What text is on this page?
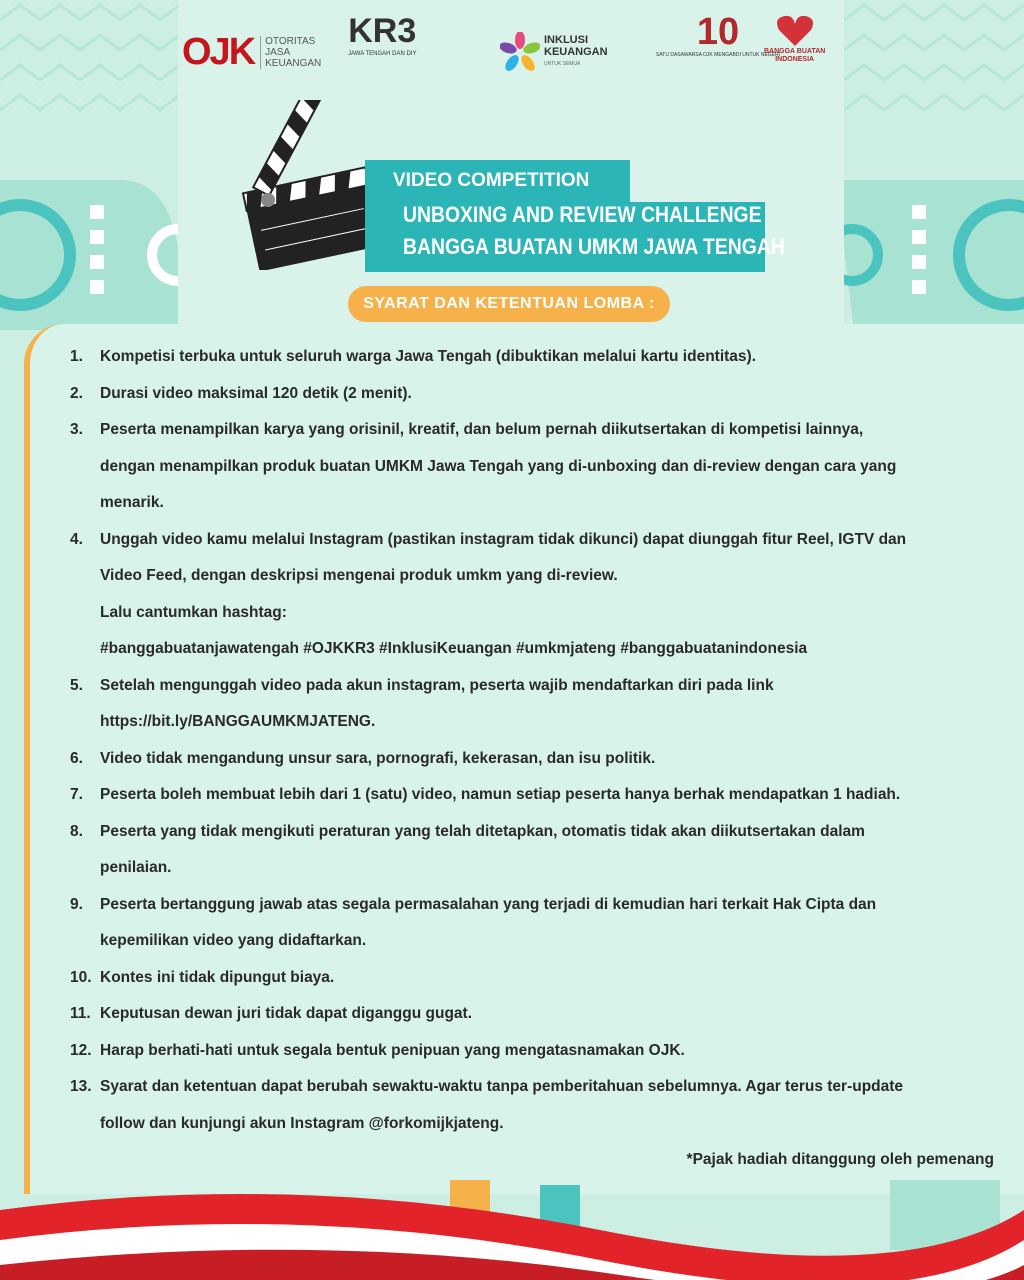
OJK OTORITAS
JASA
KEUANGAN
KR3
JAWA TENGAH DAN DIY
INKLUSI
KEUANGAN
UNTUK SEMUA
10
SATU DASAWARSA OJK MENGABDI UNTUK NEGERI
BANGGA BUATAN
INDONESIA
VIDEO COMPETITION
UNBOXING AND REVIEW CHALLENGE
BANGGA BUATAN UMKM JAWA TENGAH
SYARAT DAN KETENTUAN LOMBA :
1. Kompetisi terbuka untuk seluruh warga Jawa Tengah (dibuktikan melalui kartu identitas).
2. Durasi video maksimal 120 detik (2 menit).
3. Peserta menampilkan karya yang orisinil, kreatif, dan belum pernah diikutsertakan di kompetisi lainnya,
dengan menampilkan produk buatan UMKM Jawa Tengah yang di-unboxing dan di-review dengan cara yang
menarik.
4. Unggah video kamu melalui Instagram (pastikan instagram tidak dikunci) dapat diunggah fitur Reel, IGTV dan
Video Feed, dengan deskripsi mengenai produk umkm yang di-review.
Lalu cantumkan hashtag:
#banggabuatanjawatengah #OJKKR3 #InklusiKeuangan #umkmjateng #banggabuatanindonesia
5. Setelah mengunggah video pada akun instagram, peserta wajib mendaftarkan diri pada link
https://bit.ly/BANGGAUMKMJATENG.
6. Video tidak mengandung unsur sara, pornografi, kekerasan, dan isu politik.
7. Peserta boleh membuat lebih dari 1 (satu) video, namun setiap peserta hanya berhak mendapatkan 1 hadiah.
8. Peserta yang tidak mengikuti peraturan yang telah ditetapkan, otomatis tidak akan diikutsertakan dalam
penilaian.
9. Peserta bertanggung jawab atas segala permasalahan yang terjadi di kemudian hari terkait Hak Cipta dan
kepemilikan video yang didaftarkan.
10. Kontes ini tidak dipungut biaya.
11. Keputusan dewan juri tidak dapat diganggu gugat.
12. Harap berhati-hati untuk segala bentuk penipuan yang mengatasnamakan OJK.
13. Syarat dan ketentuan dapat berubah sewaktu-waktu tanpa pemberitahuan sebelumnya. Agar terus ter-update
follow dan kunjungi akun Instagram @forkomijkjateng.
*Pajak hadiah ditanggung oleh pemenang
